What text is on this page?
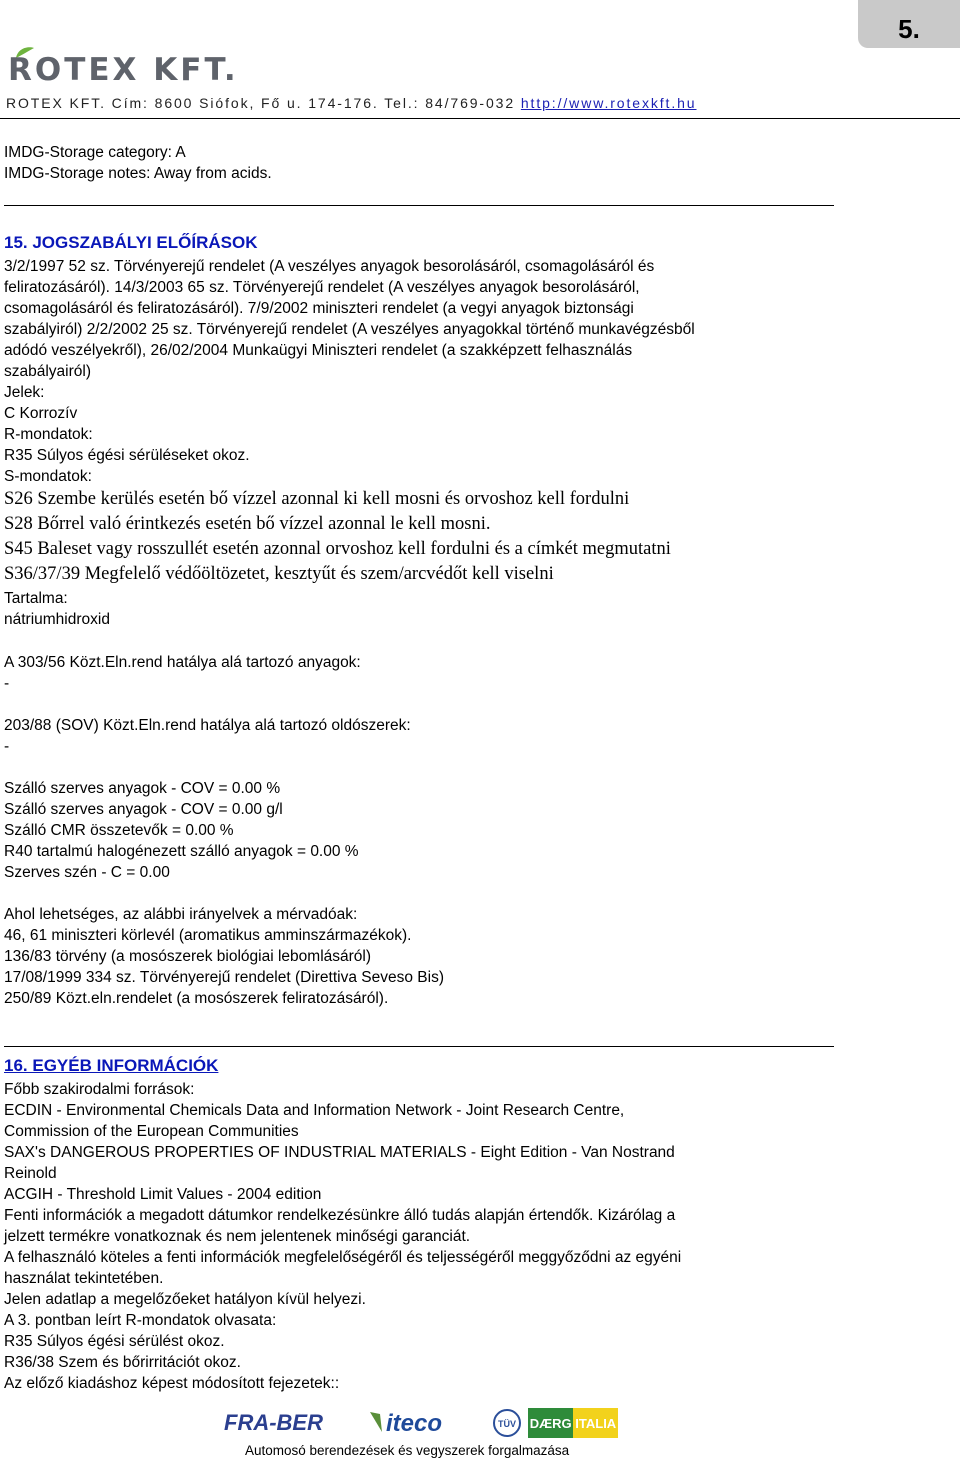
5.
ROTEX KFT.
ROTEX KFT. Cím: 8600 Siófok, Fő u. 174-176. Tel.: 84/769-032 http://www.rotexkft.hu
IMDG-Storage category: A
IMDG-Storage notes: Away from acids.
15. JOGSZABÁLYI ELŐÍRÁSOK
3/2/1997 52 sz. Törvényerejű rendelet (A veszélyes anyagok besorolásáról, csomagolásáról és
feliratozásáról). 14/3/2003 65 sz. Törvényerejű rendelet (A veszélyes anyagok besorolásáról,
csomagolásáról és feliratozásáról). 7/9/2002 miniszteri rendelet (a vegyi anyagok biztonsági
szabályiról) 2/2/2002 25 sz. Törvényerejű rendelet (A veszélyes anyagokkal történő munkavégzésből
adódó veszélyekről), 26/02/2004 Munkaügyi Miniszteri rendelet (a szakképzett felhasználás
szabályairól)
Jelek:
C Korrozív
R-mondatok:
R35 Súlyos égési sérüléseket okoz.
S-mondatok:
S26 Szembe kerülés esetén bő vízzel azonnal ki kell mosni és orvoshoz kell fordulni
S28 Bőrrel való érintkezés esetén bő vízzel azonnal le kell mosni.
S45 Baleset vagy rosszullét esetén azonnal orvoshoz kell fordulni és a címkét megmutatni
S36/37/39 Megfelelő védőöltözetet, kesztyűt és szem/arcvédőt kell viselni
Tartalma:
nátriumhidroxid
A 303/56 Közt.Eln.rend hatálya alá tartozó anyagok:
-
203/88 (SOV) Közt.Eln.rend hatálya alá tartozó oldószerek:
-
Szálló szerves anyagok - COV = 0.00 %
Szálló szerves anyagok - COV = 0.00 g/l
Szálló CMR összetevők = 0.00 %
R40 tartalmú halogénezett szálló anyagok = 0.00 %
Szerves szén - C = 0.00
Ahol lehetséges, az alábbi irányelvek a mérvadóak:
46, 61 miniszteri körlevél (aromatikus amminszármazékok).
136/83 törvény (a mosószerek biológiai lebomlásáról)
17/08/1999 334 sz. Törvényerejű rendelet (Direttiva Seveso Bis)
250/89 Közt.eln.rendelet (a mosószerek feliratozásáról).
16. EGYÉB INFORMÁCIÓK
Főbb szakirodalmi források:
ECDIN - Environmental Chemicals Data and Information Network - Joint Research Centre,
Commission of the European Communities
SAX's DANGEROUS PROPERTIES OF INDUSTRIAL MATERIALS - Eight Edition - Van Nostrand
Reinold
ACGIH - Threshold Limit Values - 2004 edition
Fenti információk a megadott dátumkor rendelkezésünkre álló tudás alapján értendők. Kizárólag a
jelzett termékre vonatkoznak és nem jelentenek minőségi garanciát.
A felhasználó köteles a fenti információk megfelelőségéről és teljességéről meggyőződni az egyéni
használat tekintetében.
Jelen adatlap a megelőzőeket hatályon kívül helyezi.
A 3. pontban leírt R-mondatok olvasata:
R35 Súlyos égési sérülést okoz.
R36/38 Szem és bőrirritációt okoz.
Az előző kiadáshoz képest módosított fejezetek::
FRA-BER	iteco	TÜV DÆRG ITALIA
Automosó berendezések és vegyszerek forgalmazása
